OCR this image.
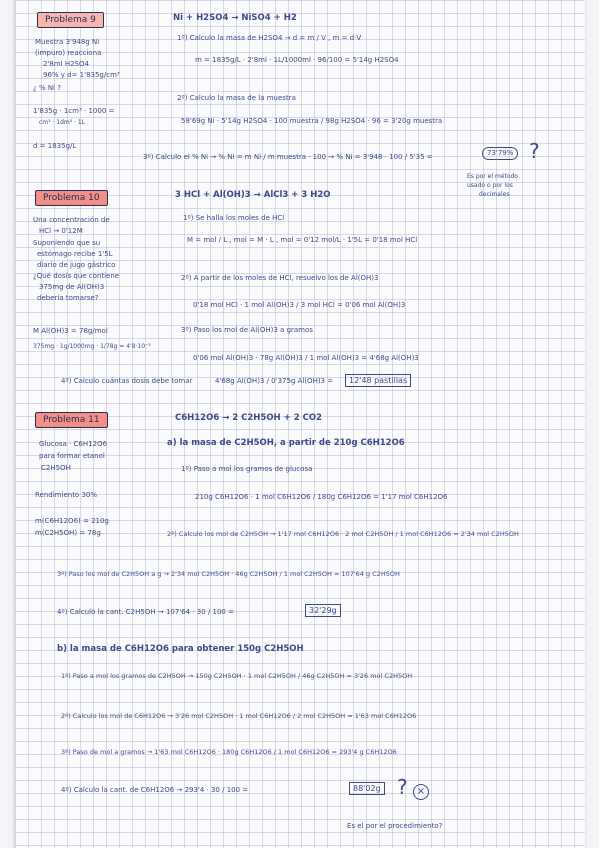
Problema 9	Ni + H2SO4 → NiSO4 + H2
Muestra 3'948g Ni
(impuro) reacciona
2'8ml H2SO4
96% y d= 1'835g/cm³
¿ % Ni ?
1'835g · 1cm³ · 1000 =
cm³ · 1dm³ · 1L
d = 1835g/L
1º) Calculo la masa de H2SO4 → d = m / V , m = d·V
m = 1835g/L · 2'8ml · 1L/1000ml · 96/100 = 5'14g H2SO4
2º) Calculo la masa de la muestra
58'69g Ni · 5'14g H2SO4 · 100 muestra / 98g H2SO4 · 96 = 3'20g muestra
3º) Calculo el % Ni → % Ni = m Ni / m muestra · 100 → % Ni = 3'948 · 100 / 5'35 =	73'79% ?
Es por el método
usado o por los
decimales
Problema 10	3 HCl + Al(OH)3 → AlCl3 + 3 H2O
Una concentración de
HCl → 0'12M
Suponiendo que su
estómago recibe 1'5L
diario de jugo gástrico
¿Qué dosis que contiene
375mg de Al(OH)3
debería tomarse?
M Al(OH)3 = 78g/mol
375mg · 1g/1000mg · 1/78g = 4'8·10⁻³
1º) Se halla los moles de HCl
M = mol / L , mol = M · L , mol = 0'12 mol/L · 1'5L = 0'18 mol HCl
2º) A partir de los moles de HCl, resuelvo los de Al(OH)3
0'18 mol HCl · 1 mol Al(OH)3 / 3 mol HCl = 0'06 mol Al(OH)3
3º) Paso los mol de Al(OH)3 a gramos
0'06 mol Al(OH)3 · 78g Al(OH)3 / 1 mol Al(OH)3 = 4'68g Al(OH)3
4º) Calculo cuántas dosis debe tomar	4'68g Al(OH)3 / 0'375g Al(OH)3 =	12'48 pastillas
Problema 11	C6H12O6 → 2 C2H5OH + 2 CO2
Glucosa · C6H12O6
para formar etanol
C2H5OH
Rendimiento 30%
m(C6H12O6) = 210g
m(C2H5OH) = 78g
a) la masa de C2H5OH, a partir de 210g C6H12O6
1º) Paso a mol los gramos de glucosa
210g C6H12O6 · 1 mol C6H12O6 / 180g C6H12O6 = 1'17 mol C6H12O6
2º) Calculo los mol de C2H5OH → 1'17 mol C6H12O6 · 2 mol C2H5OH / 1 mol C6H12O6 = 2'34 mol C2H5OH
3º) Paso los mol de C2H5OH a g → 2'34 mol C2H5OH · 46g C2H5OH / 1 mol C2H5OH = 107'64 g C2H5OH
4º) Calculo la cant. C2H5OH → 107'64 · 30 / 100 =	32'29g
b) la masa de C6H12O6 para obtener 150g C2H5OH
1º) Paso a mol los gramos de C2H5OH → 150g C2H5OH · 1 mol C2H5OH / 46g C2H5OH = 3'26 mol C2H5OH
2º) Calculo los mol de C6H12O6 → 3'26 mol C2H5OH · 1 mol C6H12O6 / 2 mol C2H5OH = 1'63 mol C6H12O6
3º) Paso de mol a gramos → 1'63 mol C6H12O6 · 180g C6H12O6 / 1 mol C6H12O6 = 293'4 g C6H12O6
4º) Calculo la cant. de C6H12O6 → 293'4 · 30 / 100 =	88'02g ? ×
Es el por el procedimiento?
